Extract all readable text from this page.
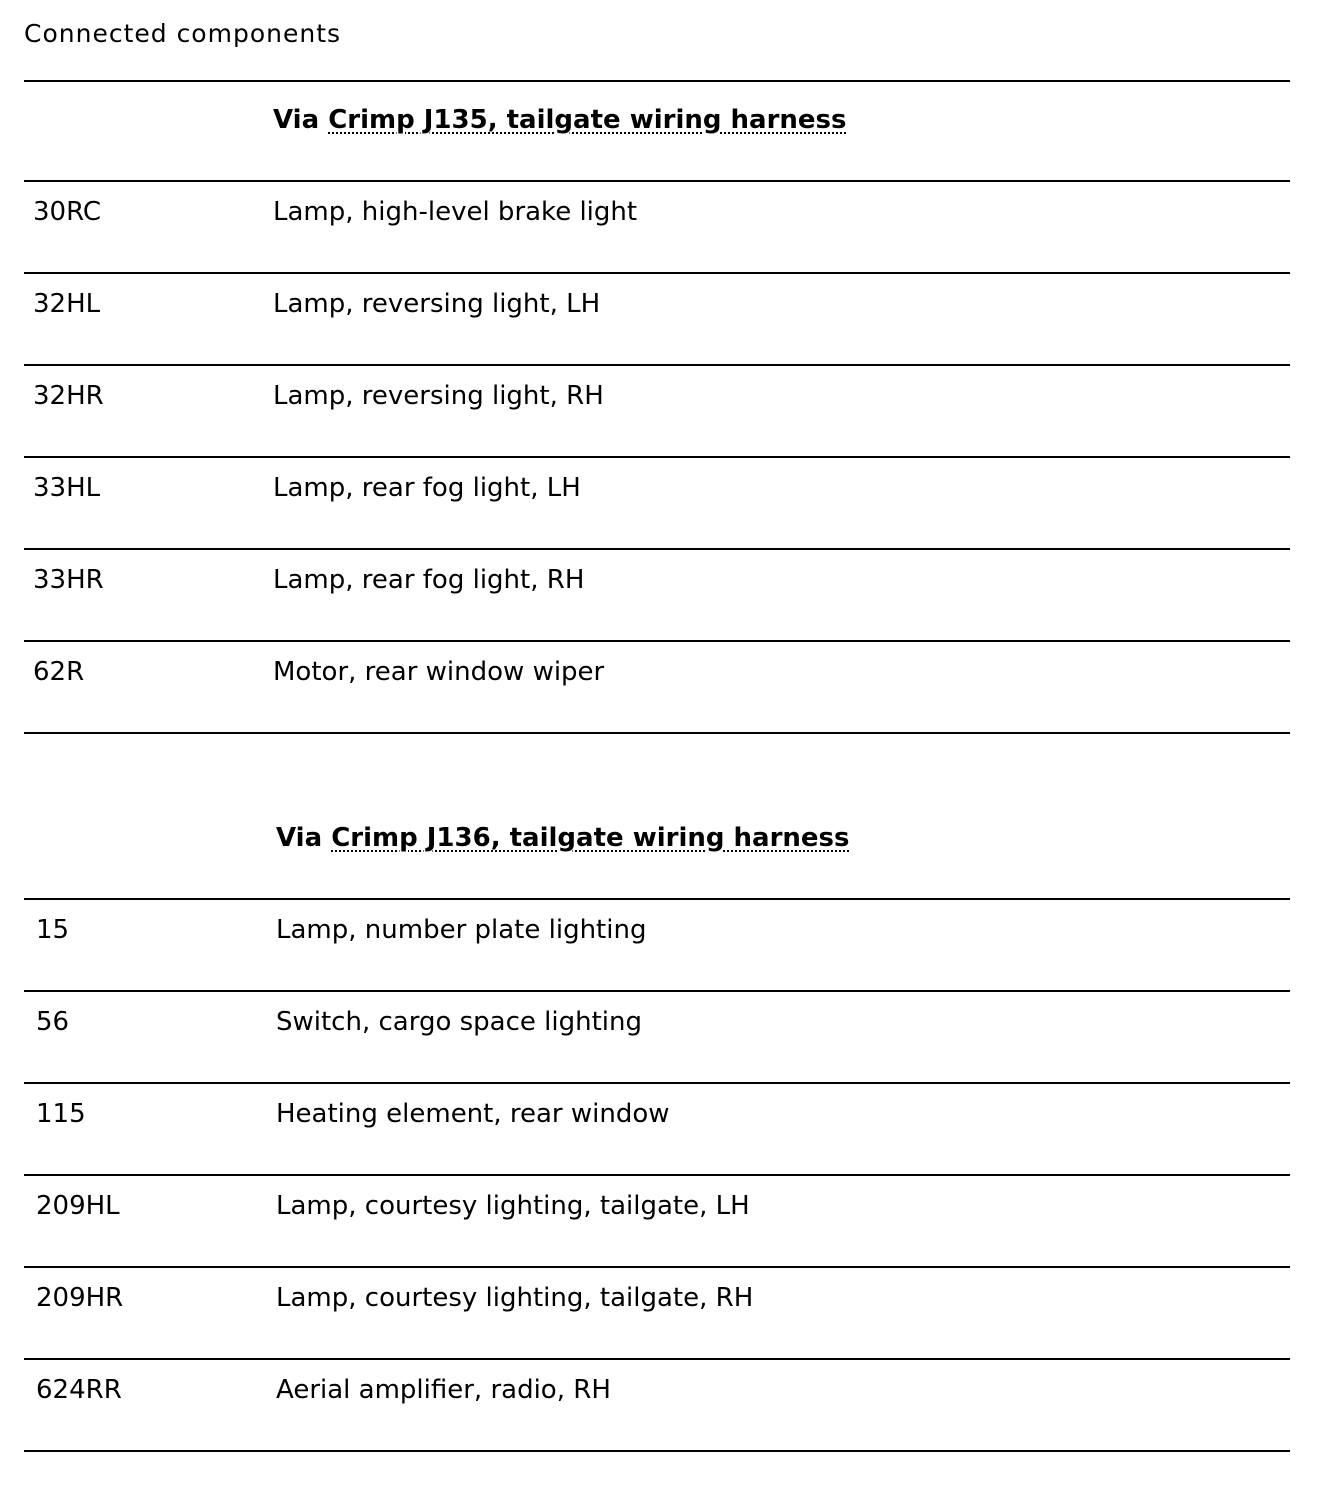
Connected components
Via Crimp J135, tailgate wiring harness
30RC	Lamp, high-level brake light
32HL	Lamp, reversing light, LH
32HR	Lamp, reversing light, RH
33HL	Lamp, rear fog light, LH
33HR	Lamp, rear fog light, RH
62R	Motor, rear window wiper
Via Crimp J136, tailgate wiring harness
15	Lamp, number plate lighting
56	Switch, cargo space lighting
115	Heating element, rear window
209HL	Lamp, courtesy lighting, tailgate, LH
209HR	Lamp, courtesy lighting, tailgate, RH
624RR	Aerial amplifier, radio, RH
